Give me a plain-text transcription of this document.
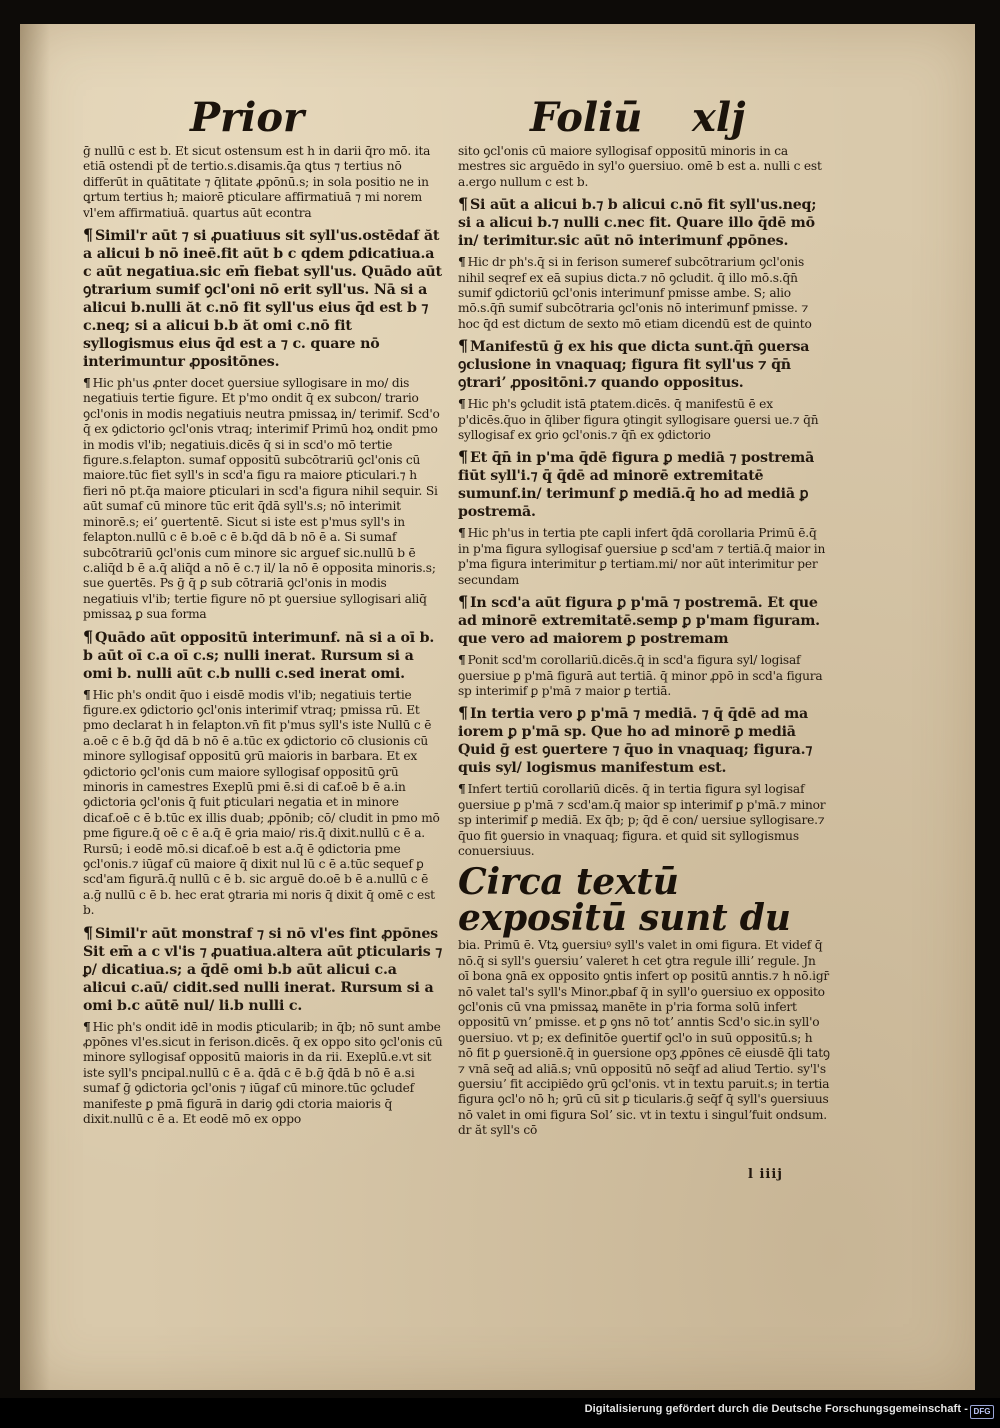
Prior	Foliū xlj
ḡ nullū c est b. Et sicut ostensum est h in darii q̄ro mō. ita etiā ostendi pt̄ de tertio.s.disamis.q̄a ꝗtus ⁊ tertius nō differūt in quātitate ⁊ q̄litate ꝓpōnū.s; in sola positio ne in ꝗrtum tertius h; maiorē ꝑticulare affirmatiuā ⁊ mi norem vl'em affirmatiuā. quartus aūt econtra
¶ Simil'r aūt ⁊ si ꝓuatiuus sit syll'us.ostēdaf ăt a alicui b nō ineē.fit aūt b c qdem ꝑdicatiua.a c aūt negatiua.sic em̄ fiebat syll'us. Quādo aūt ꝯtrarium sumif ꝯcl'oni nō erit syll'us. Nā si a alicui b.nulli ăt c.nō fit syll'us eius q̄d est b ⁊ c.neq; si a alicui b.b ăt omi c.nō fit syllogismus eius q̄d est a ⁊ c. quare nō interimuntur ꝓpositōnes.
¶ Hic ph'us ꝓnter docet ꝯuersiue syllogisare in mo/ dis negatiuis tertie figure. Et p'mo ondit q̄ ex subcon/ trario ꝯcl'onis in modis negatiuis neutra pmissaꝝ in/ terimif. Scd'o q̄ ex ꝯdictorio ꝯcl'onis vtraq; interimif Primū hoꝝ ondit pmo in modis vl'ib; negatiuis.dicēs q̄ si in scd'o mō tertie figure.s.felapton. sumaf oppositū subcōtrariū ꝯcl'onis cū maiore.tūc fiet syll's in scd'a figu ra maiore ꝑticulari.⁊ h fieri nō pt.q̄a maiore ꝑticulari in scd'a figura nihil sequir. Si aūt sumaf cū minore tūc erit q̄dā syll's.s; nō interimit minorē.s; eiʼ ꝯuertentē. Sicut si iste est p'mus syll's in felapton.nullū c ē b.oē c ē b.q̄d dā b nō ē a. Si sumaf subcōtrariū ꝯcl'onis cum minore sic arguef sic.nullū b ē c.aliq̄d b ē a.q̄ aliq̄d a nō ē c.⁊ il/ la nō ē opposita minoris.s; sue ꝯuertēs. Ps ḡ q̄ ꝑ sub cōtrariā ꝯcl'onis in modis negatiuis vl'ib; tertie figure nō pt ꝯuersiue syllogisari aliq̄ pmissaꝝ ꝑ sua forma
¶ Quādo aūt oppositū interimunf. nā si a oī b. b aūt oī c.a oī c.s; nulli inerat. Rursum si a omi b. nulli aūt c.b nulli c.sed inerat omi.
¶ Hic ph's ondit q̄uo i eisdē modis vl'ib; negatiuis tertie figure.ex ꝯdictorio ꝯcl'onis interimif vtraq; pmissa rū. Et pmo declarat h in felapton.vn̄ fit p'mus syll's iste Nullū c ē a.oē c ē b.ḡ q̄d dā b nō ē a.tūc ex ꝯdictorio cō clusionis cū minore syllogisaf oppositū ꝯrū maioris in barbara. Et ex ꝯdictorio ꝯcl'onis cum maiore syllogisaf oppositū ꝯrū minoris in camestres Exeplū pmi ē.si di caf.oē b ē a.in ꝯdictoria ꝯcl'onis q̄ fuit ꝑticulari negatia et in minore dicaf.oē c ē b.tūc ex illis duab; ꝓpōnib; cō/ cludit in pmo mō pme figure.q̄ oē c ē a.q̄ ē ꝯria maio/ ris.q̄ dixit.nullū c ē a. Rursū; i eodē mō.si dicaf.oē b est a.q̄ ē ꝯdictoria pme ꝯcl'onis.⁊ iūgaf cū maiore q̄ dixit nul lū c ē a.tūc sequef ꝑ scd'am figurā.q̄ nullū c ē b. sic arguē do.oē b ē a.nullū c ē a.ḡ nullū c ē b. hec erat ꝯtraria mi noris q̄ dixit q̄ omē c est b.
¶ Simil'r aūt monstraf ⁊ si nō vl'es fint ꝓpōnes Sit em̄ a c vl'is ⁊ ꝓuatiua.altera aūt ꝑticularis ⁊ ꝑ/ dicatiua.s; a q̄dē omi b.b aūt alicui c.a alicui c.aū/ cidit.sed nulli inerat. Rursum si a omi b.c aūtē nul/ li.b nulli c.
¶ Hic ph's ondit idē in modis ꝑticularib; in q̄b; nō sunt ambe ꝓpōnes vl'es.sicut in ferison.dicēs. q̄ ex oppo sito ꝯcl'onis cū minore syllogisaf oppositū maioris in da rii. Exeplū.e.vt sit iste syll's pncipal.nullū c ē a. q̄dā c ē b.ḡ q̄dā b nō ē a.si sumaf ḡ ꝯdictoria ꝯcl'onis ⁊ iūgaf cū minore.tūc ꝯcludef manifeste ꝑ pmā figurā in dariꝯ ꝯdi ctoria maioris q̄ dixit.nullū c ē a. Et eodē mō ex oppo
sito ꝯcl'onis cū maiore syllogisaf oppositū minoris in ca mestres sic arguēdo in syl'o ꝯuersiuo. omē b est a. nulli c est a.ergo nullum c est b.
¶ Si aūt a alicui b.⁊ b alicui c.nō fit syll'us.neq; si a alicui b.⁊ nulli c.nec fit. Quare illo q̄dē mō in/ terimitur.sic aūt nō interimunf ꝓpōnes.
¶ Hic dr ph's.q̄ si in ferison sumeref subcōtrarium ꝯcl'onis nihil seqref ex eā supius dicta.⁊ nō ꝯcludit. q̄ illo mō.s.q̄n̄ sumif ꝯdictoriū ꝯcl'onis interimunf pmisse ambe. S; alio mō.s.q̄n̄ sumif subcōtraria ꝯcl'onis nō interimunf pmisse. ⁊ hoc q̄d est dictum de sexto mō etiam dicendū est de quinto
¶ Manifestū ḡ ex his que dicta sunt.q̄n̄ ꝯuersa ꝯclusione in vnaquaq; figura fit syll'us ⁊ q̄n̄ ꝯtrariʼ ꝓpositōni.⁊ quando oppositus.
¶ Hic ph's ꝯcludit istā ꝑtatem.dicēs. q̄ manifestū ē ex p'dicēs.q̄uo in q̄liber figura ꝯtingit syllogisare ꝯuersi ue.⁊ q̄n̄ syllogisaf ex ꝯrio ꝯcl'onis.⁊ q̄n̄ ex ꝯdictorio
¶ Et q̄n̄ in p'ma q̄dē figura ꝑ mediā ⁊ postremā fiūt syll'i.⁊ q̄ q̄dē ad minorē extremitatē sumunf.in/ terimunf ꝑ mediā.q̄ ho ad mediā ꝑ postremā.
¶ Hic ph'us in tertia pte capli infert q̄dā corollaria Primū ē.q̄ in p'ma figura syllogisaf ꝯuersiue ꝑ scd'am ⁊ tertiā.q̄ maior in p'ma figura interimitur ꝑ tertiam.mi/ nor aūt interimitur per secundam
¶ In scd'a aūt figura ꝑ p'mā ⁊ postremā. Et que ad minorē extremitatē.semp ꝑ p'mam figuram. que vero ad maiorem ꝑ postremam
¶ Ponit scd'm corollariū.dicēs.q̄ in scd'a figura syl/ logisaf ꝯuersiue ꝑ p'mā figurā aut tertiā. q̄ minor ꝓpō in scd'a figura sp interimif ꝑ p'mā ⁊ maior ꝑ tertiā.
¶ In tertia vero ꝑ p'mā ⁊ mediā. ⁊ q̄ q̄dē ad ma iorem ꝑ p'mā sp. Que ho ad minorē ꝑ mediā Quid ḡ est ꝯuertere ⁊ q̄uo in vnaquaq; figura.⁊ quis syl/ logismus manifestum est.
¶ Infert tertiū corollariū dicēs. q̄ in tertia figura syl logisaf ꝯuersiue ꝑ p'mā ⁊ scd'am.q̄ maior sp interimif ꝑ p'mā.⁊ minor sp interimif ꝑ mediā. Ex q̄b; p; q̄d ē con/ uersiue syllogisare.⁊ q̄uo fit ꝯuersio in vnaquaq; figura. et quid sit syllogismus conuersiuus.
Circa textū expositū sunt du
bia. Primū ē. Vtꝝ ꝯuersiuꝰ syll's valet in omi figura. Et videf q̄ nō.q̄ si syll's ꝯuersiuʼ valeret h cet ꝯtra regule illiʼ regule. Jn oī bona ꝯnā ex opposito ꝯntis infert op positū anntis.⁊ h nō.igr̄ nō valet tal's syll's Minor.ꝓbaf q̄ in syll'o ꝯuersiuo ex opposito ꝯcl'onis cū vna pmissaꝝ manēte in p'ria forma solū infert oppositū vnʼ pmisse. et ꝑ ꝯns nō totʼ anntis Scd'o sic.in syll'o ꝯuersiuo. vt p; ex definitōe ꝯuertif ꝯcl'o in suū oppositū.s; h nō fit ꝑ ꝯuersionē.q̄ in ꝯuersione opʒ ꝓpōnes cē eiusdē q̄li tatꝯ ⁊ vnā seq̄ ad aliā.s; vnū oppositū nō seq̄f ad aliud Tertio. sy'l's ꝯuersiuʼ fit accipiēdo ꝯrū ꝯcl'onis. vt in textu paruit.s; in tertia figura ꝯcl'o nō h; ꝯrū cū sit ꝑ ticularis.ḡ seq̄f q̄ syll's ꝯuersiuus nō valet in omi figura Solʼ sic. vt in textu i singulʼfuit ondsum. dr ăt syll's cō
l iiij
Digitalisierung gefördert durch die Deutsche Forschungsgemeinschaft - DFG
